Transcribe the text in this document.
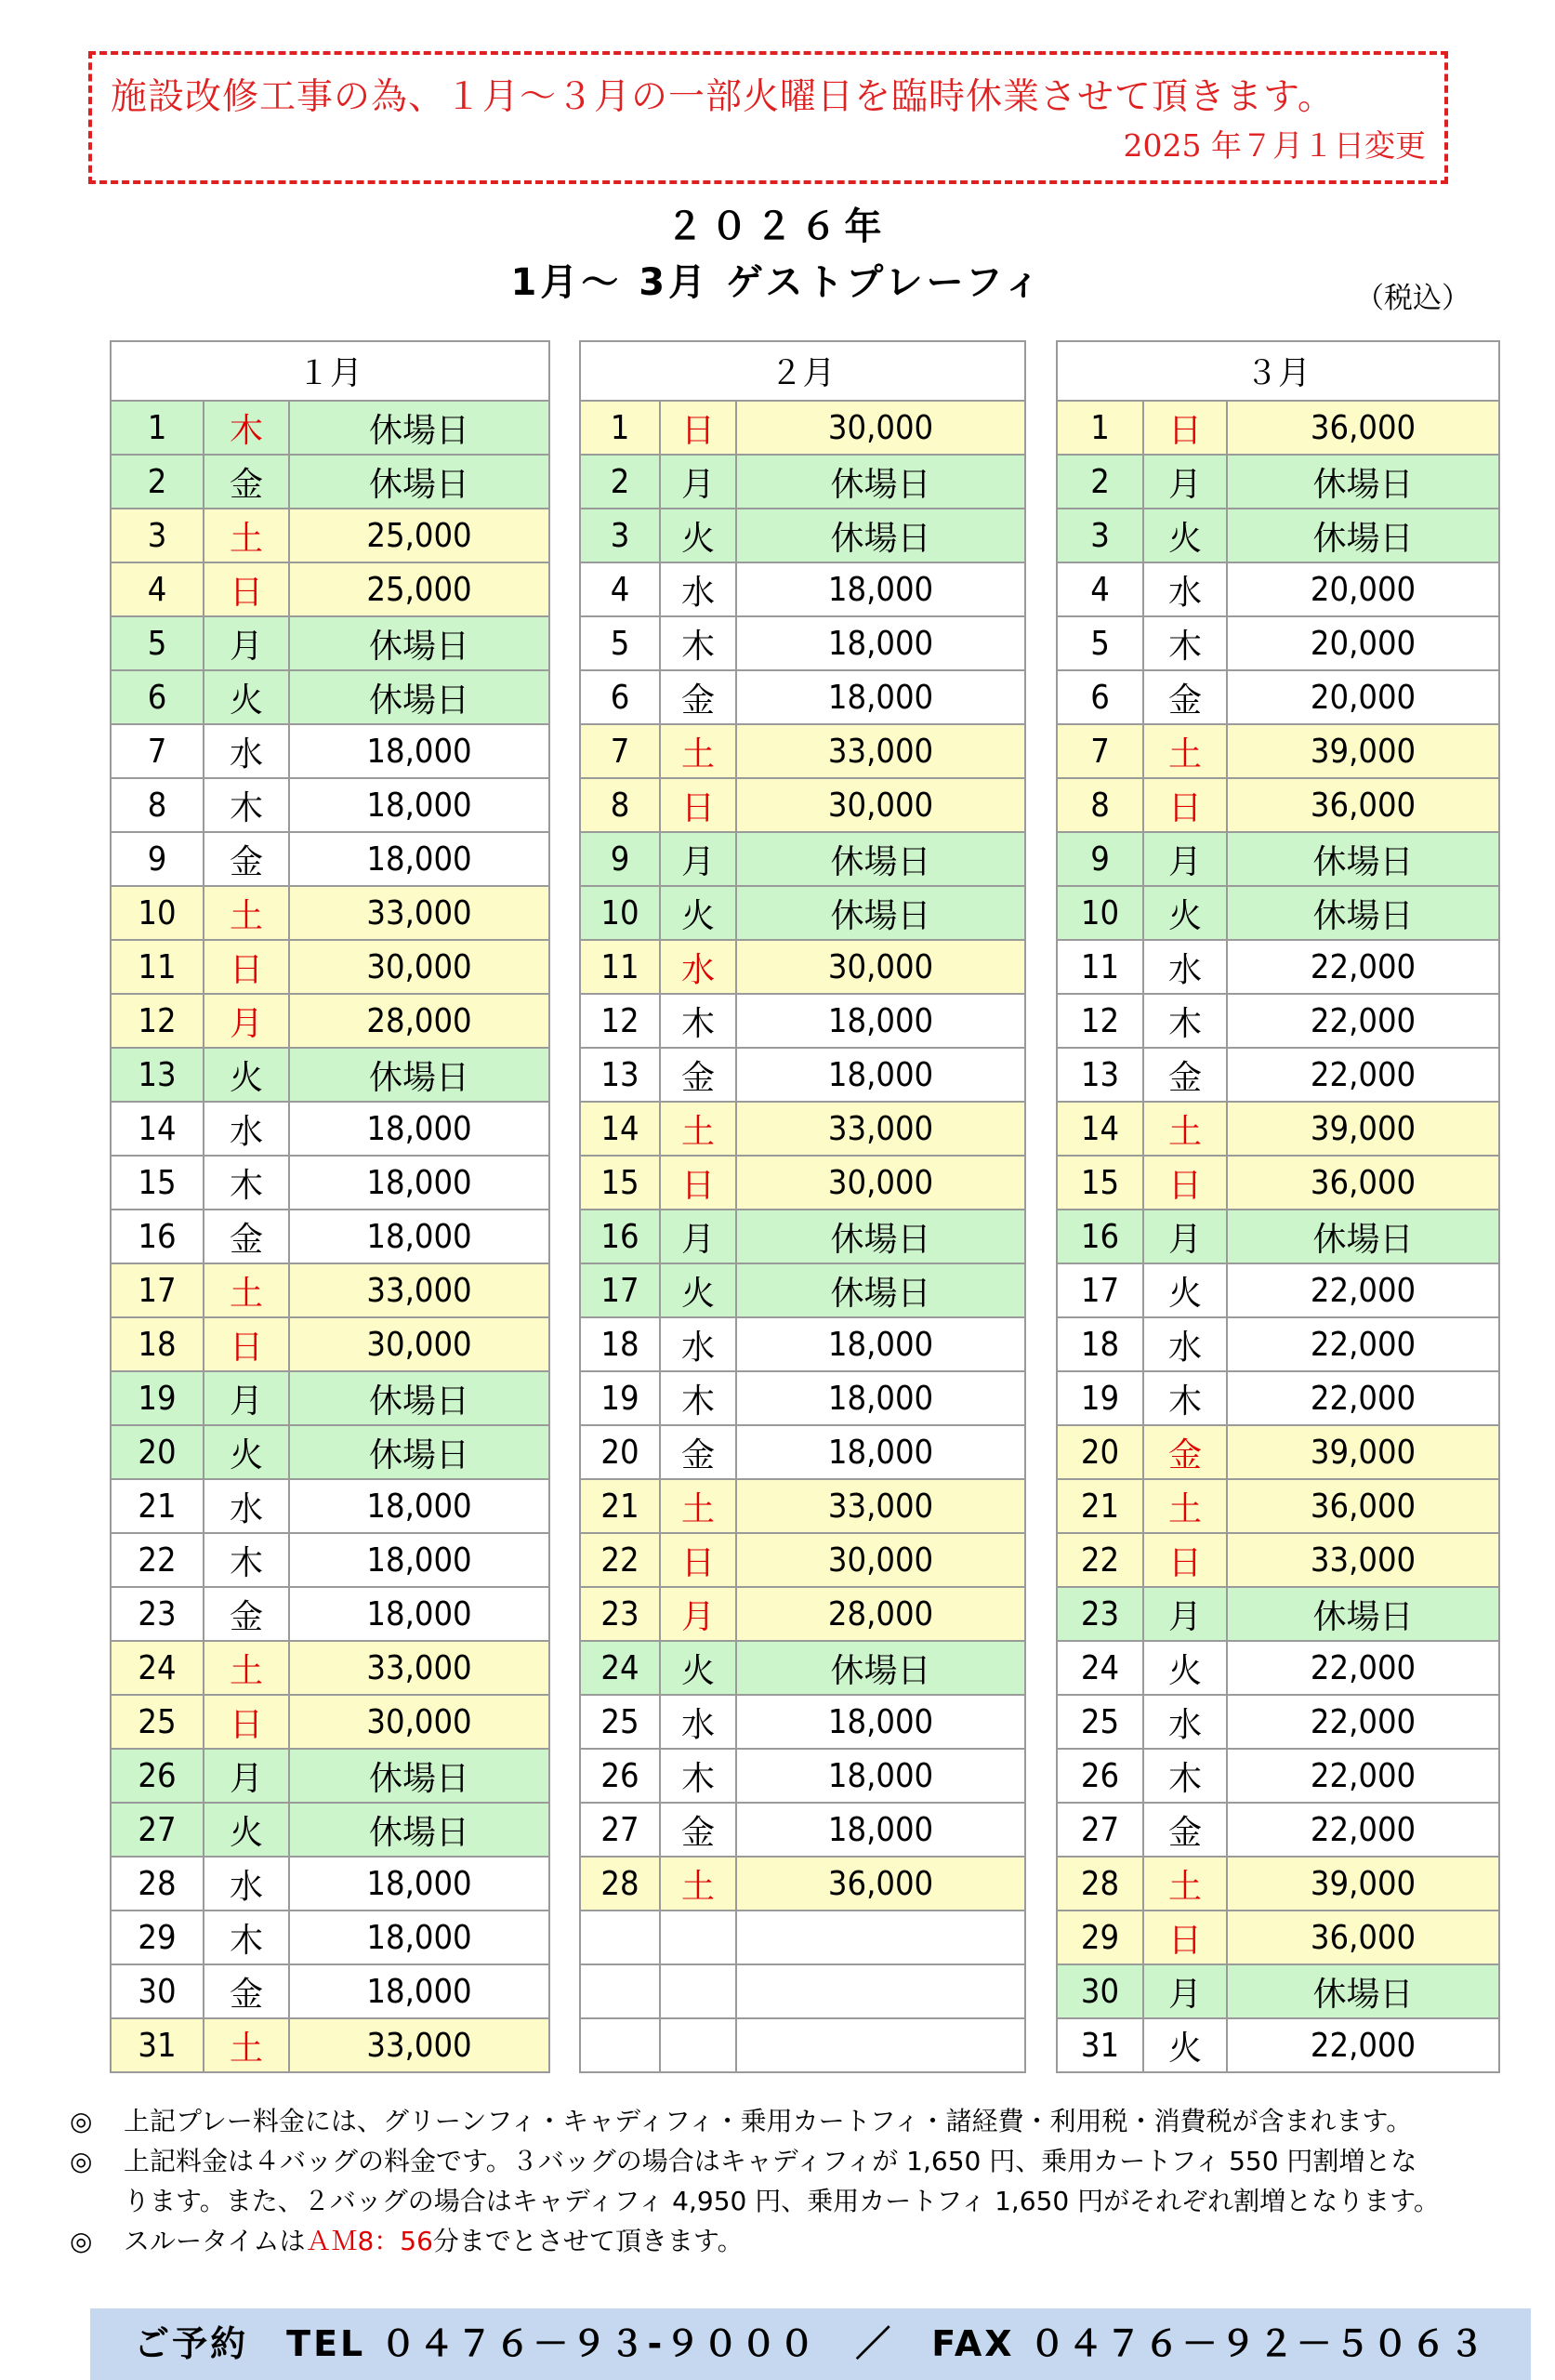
施設改修工事の為、１月～３月の一部火曜日を臨時休業させて頂きます。
2025 年７月１日変更
２０２６年
1月～ 3月 ゲストプレーフィ	（税込）
１月		
1	木	休場日
2	金	休場日
3	土	25,000
4	日	25,000
5	月	休場日
6	火	休場日
7	水	18,000
8	木	18,000
9	金	18,000
10	土	33,000
11	日	30,000
12	月	28,000
13	火	休場日
14	水	18,000
15	木	18,000
16	金	18,000
17	土	33,000
18	日	30,000
19	月	休場日
20	火	休場日
21	水	18,000
22	木	18,000
23	金	18,000
24	土	33,000
25	日	30,000
26	月	休場日
27	火	休場日
28	水	18,000
29	木	18,000
30	金	18,000
31	土	33,000
２月		
1	日	30,000
2	月	休場日
3	火	休場日
4	水	18,000
5	木	18,000
6	金	18,000
7	土	33,000
8	日	30,000
9	月	休場日
10	火	休場日
11	水	30,000
12	木	18,000
13	金	18,000
14	土	33,000
15	日	30,000
16	月	休場日
17	火	休場日
18	水	18,000
19	木	18,000
20	金	18,000
21	土	33,000
22	日	30,000
23	月	28,000
24	火	休場日
25	水	18,000
26	木	18,000
27	金	18,000
28	土	36,000

３月		
1	日	36,000
2	月	休場日
3	火	休場日
4	水	20,000
5	木	20,000
6	金	20,000
7	土	39,000
8	日	36,000
9	月	休場日
10	火	休場日
11	水	22,000
12	木	22,000
13	金	22,000
14	土	39,000
15	日	36,000
16	月	休場日
17	火	22,000
18	水	22,000
19	木	22,000
20	金	39,000
21	土	36,000
22	日	33,000
23	月	休場日
24	火	22,000
25	水	22,000
26	木	22,000
27	金	22,000
28	土	39,000
29	日	36,000
30	月	休場日
31	火	22,000
◎ 上記プレー料金には、グリーンフィ・キャディフィ・乗用カートフィ・諸経費・利用税・消費税が含まれます。
◎ 上記料金は４バッグの料金です。３バッグの場合はキャディフィが 1,650 円、乗用カートフィ 550 円割増とな
ります。また、２バッグの場合はキャディフィ 4,950 円、乗用カートフィ 1,650 円がそれぞれ割増となります。
◎ スルータイムはＡＭ8：56分までとさせて頂きます。
ご予約　TEL ０４７６－９３-９０００　／　FAX ０４７６－９２－５０６３
